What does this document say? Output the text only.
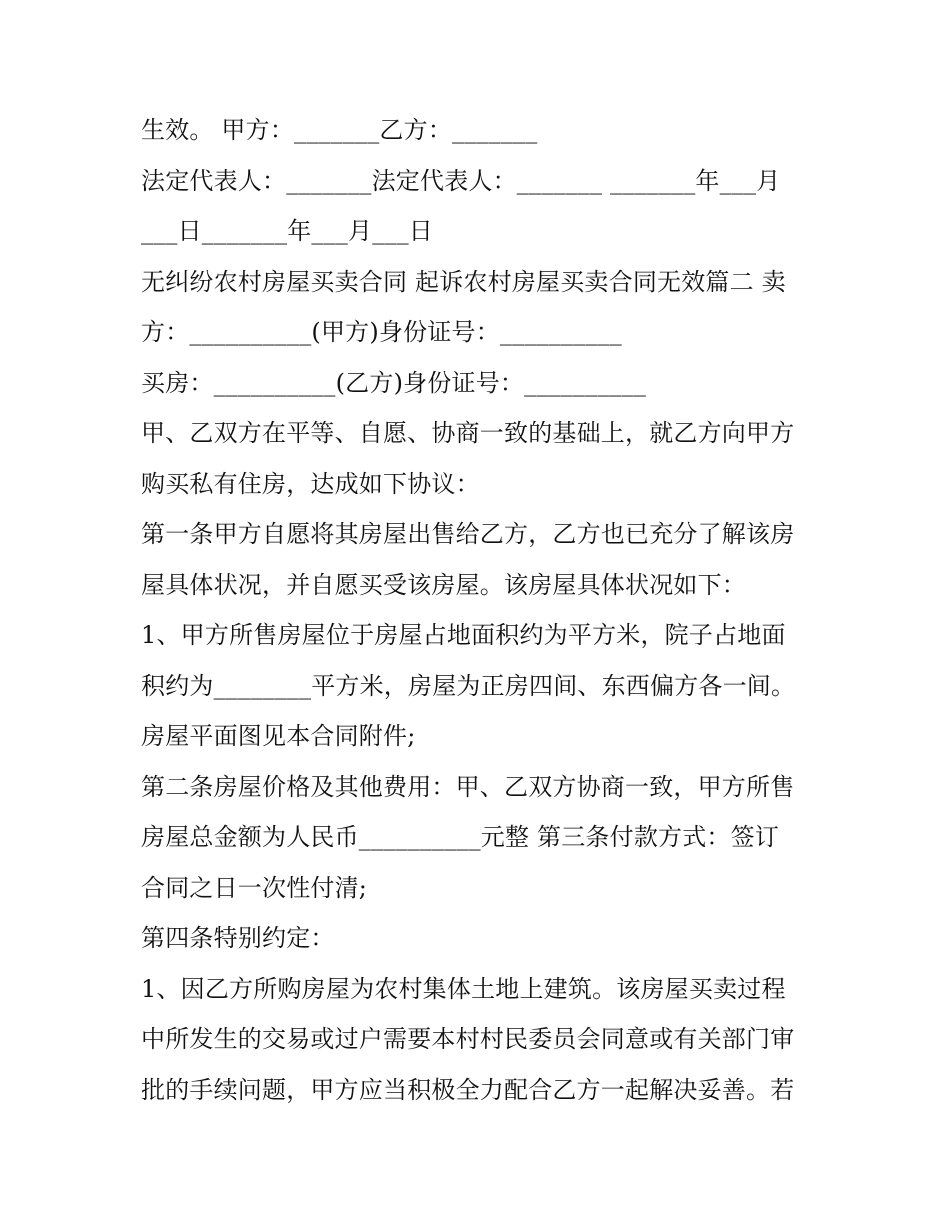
生效。 甲方：_______乙方：_______
法定代表人：_______法定代表人：_______ _______年___月
___日_______年___月___日
无纠纷农村房屋买卖合同 起诉农村房屋买卖合同无效篇二 卖
方：__________(甲方)身份证号：__________
买房：__________(乙方)身份证号：__________
甲、乙双方在平等、自愿、协商一致的基础上，就乙方向甲方
购买私有住房，达成如下协议：
第一条甲方自愿将其房屋出售给乙方，乙方也已充分了解该房
屋具体状况，并自愿买受该房屋。该房屋具体状况如下：
1、甲方所售房屋位于房屋占地面积约为平方米，院子占地面
积约为________平方米，房屋为正房四间、东西偏方各一间。
房屋平面图见本合同附件;
第二条房屋价格及其他费用：甲、乙双方协商一致，甲方所售
房屋总金额为人民币__________元整 第三条付款方式：签订
合同之日一次性付清;
第四条特别约定：
1、因乙方所购房屋为农村集体土地上建筑。该房屋买卖过程
中所发生的交易或过户需要本村村民委员会同意或有关部门审
批的手续问题，甲方应当积极全力配合乙方一起解决妥善。若
